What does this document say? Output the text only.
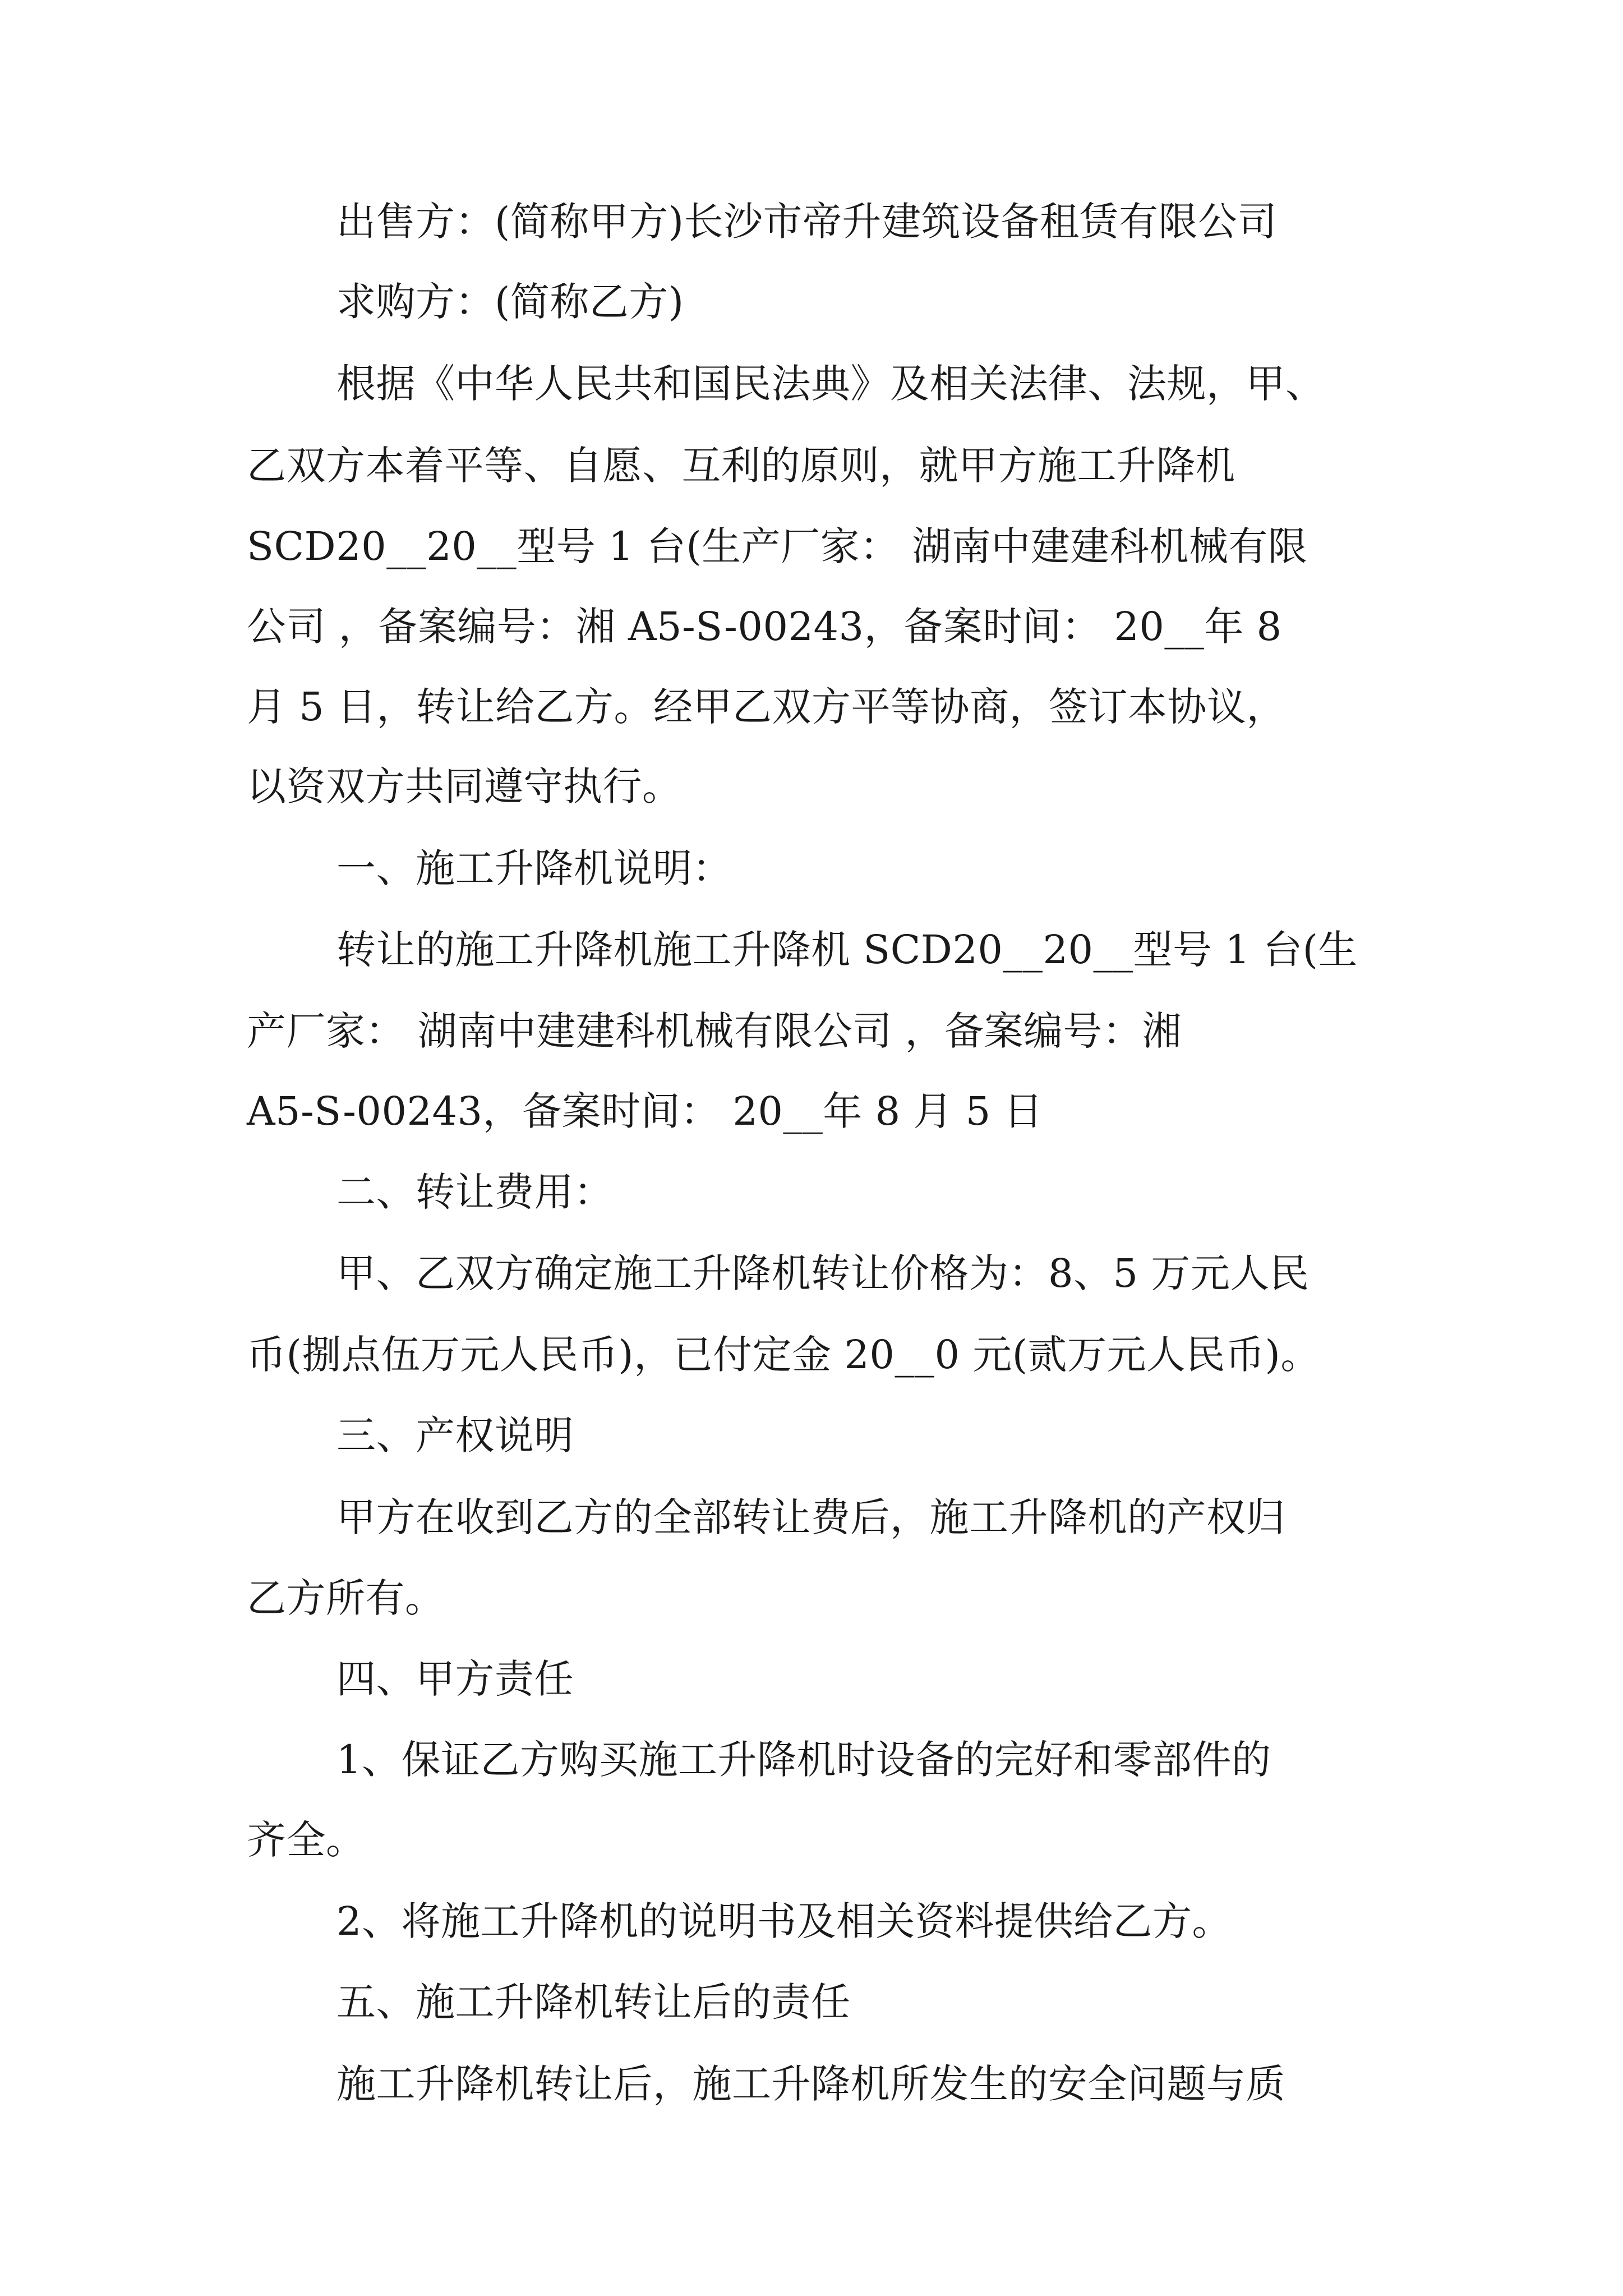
出售方：(简称甲方)长沙市帝升建筑设备租赁有限公司
求购方：(简称乙方)
根据《中华人民共和国民法典》及相关法律、法规，甲、
乙双方本着平等、自愿、互利的原则，就甲方施工升降机
SCD20__20__型号 1 台(生产厂家： 湖南中建建科机械有限
公司 ，备案编号：湘 A5-S-00243，备案时间： 20__年 8
月 5 日，转让给乙方。经甲乙双方平等协商，签订本协议，
以资双方共同遵守执行。
一、施工升降机说明：
转让的施工升降机施工升降机 SCD20__20__型号 1 台(生
产厂家： 湖南中建建科机械有限公司 ，备案编号：湘
A5-S-00243，备案时间： 20__年 8 月 5 日
二、转让费用：
甲、乙双方确定施工升降机转让价格为：8、5 万元人民
币(捌点伍万元人民币)，已付定金 20__0 元(贰万元人民币)。
三、产权说明
甲方在收到乙方的全部转让费后，施工升降机的产权归
乙方所有。
四、甲方责任
1、保证乙方购买施工升降机时设备的完好和零部件的
齐全。
2、将施工升降机的说明书及相关资料提供给乙方。
五、施工升降机转让后的责任
施工升降机转让后，施工升降机所发生的安全问题与质
